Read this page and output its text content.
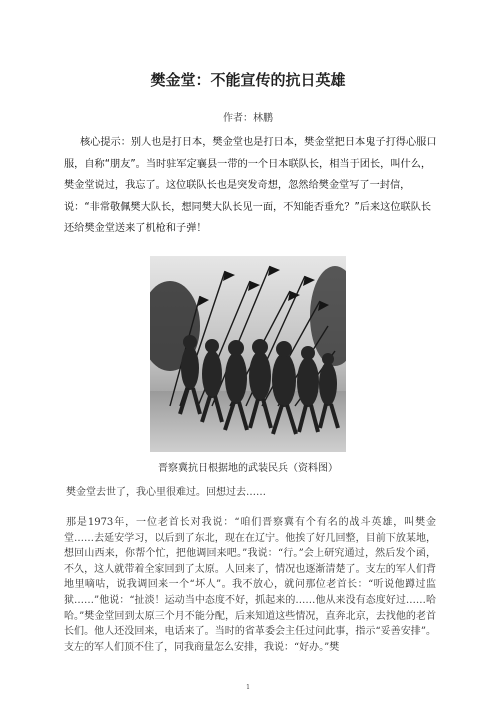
樊金堂：不能宣传的抗日英雄
作者：林鹏

核心提示：别人也是打日本，樊金堂也是打日本，樊金堂把日本鬼子打得心服口服，自称“朋友”。当时驻军定襄县一带的一个日本联队长，相当于团长，叫什么，樊金堂说过，我忘了。这位联队长也是突发奇想，忽然给樊金堂写了一封信，说：“非常敬佩樊大队长，想同樊大队长见一面，不知能否垂允？”后来这位联队长还给樊金堂送来了机枪和子弹！

晋察冀抗日根据地的武装民兵（资料图）

樊金堂去世了，我心里很难过。回想过去……

那是1973年，一位老首长对我说：“咱们晋察冀有个有名的战斗英雄，叫樊金堂……去延安学习，以后到了东北，现在在辽宁。他挨了好几回整，目前下放某地，想回山西来，你帮个忙，把他调回来吧。”我说：“行。”会上研究通过，然后发个函，不久，这人就带着全家回到了太原。人回来了，情况也逐渐清楚了。支左的军人们背地里嘀咕，说我调回来一个“坏人”。我不放心，就问那位老首长：“听说他蹲过监狱……”他说：“扯淡！运动当中态度不好，抓起来的……他从来没有态度好过……哈哈。”樊金堂回到太原三个月不能分配，后来知道这些情况，直奔北京，去找他的老首长们。他人还没回来，电话来了。当时的省革委会主任过问此事，指示“妥善安排”。支左的军人们顶不住了，同我商量怎么安排，我说：“好办。”樊

1
